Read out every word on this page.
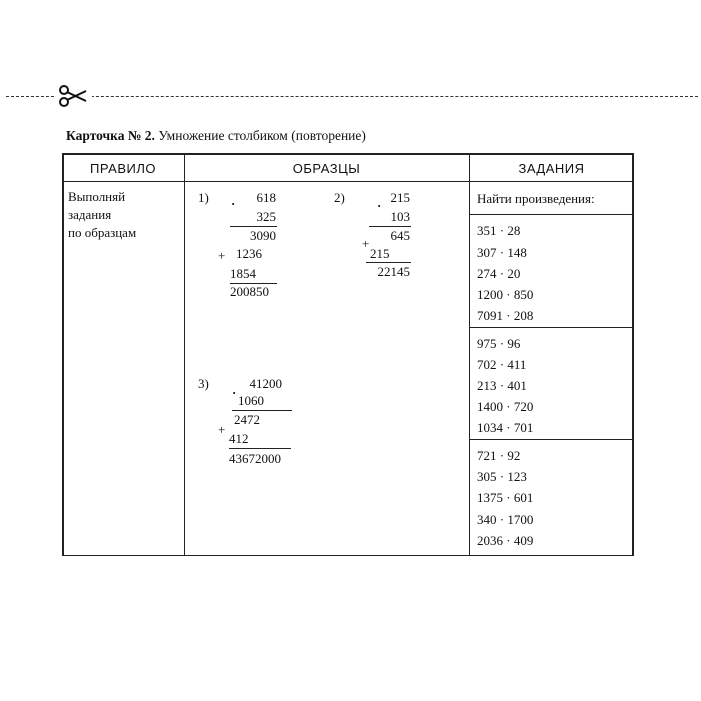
Карточка № 2. Умножение столбиком (повторение)
ПРАВИЛО	ОБРАЗЦЫ	ЗАДАНИЯ
Выполняй
задания
по образцам
1)	618
·
325
3090
+ 1236
1854
200850
2)	215
·
103
645
+
215
22145
3)	41200
·
1060
2472
+
412
43672000
Найти произведения:
351 · 28
307 · 148
274 · 20
1200 · 850
7091 · 208
975 · 96
702 · 411
213 · 401
1400 · 720
1034 · 701
721 · 92
305 · 123
1375 · 601
340 · 1700
2036 · 409
